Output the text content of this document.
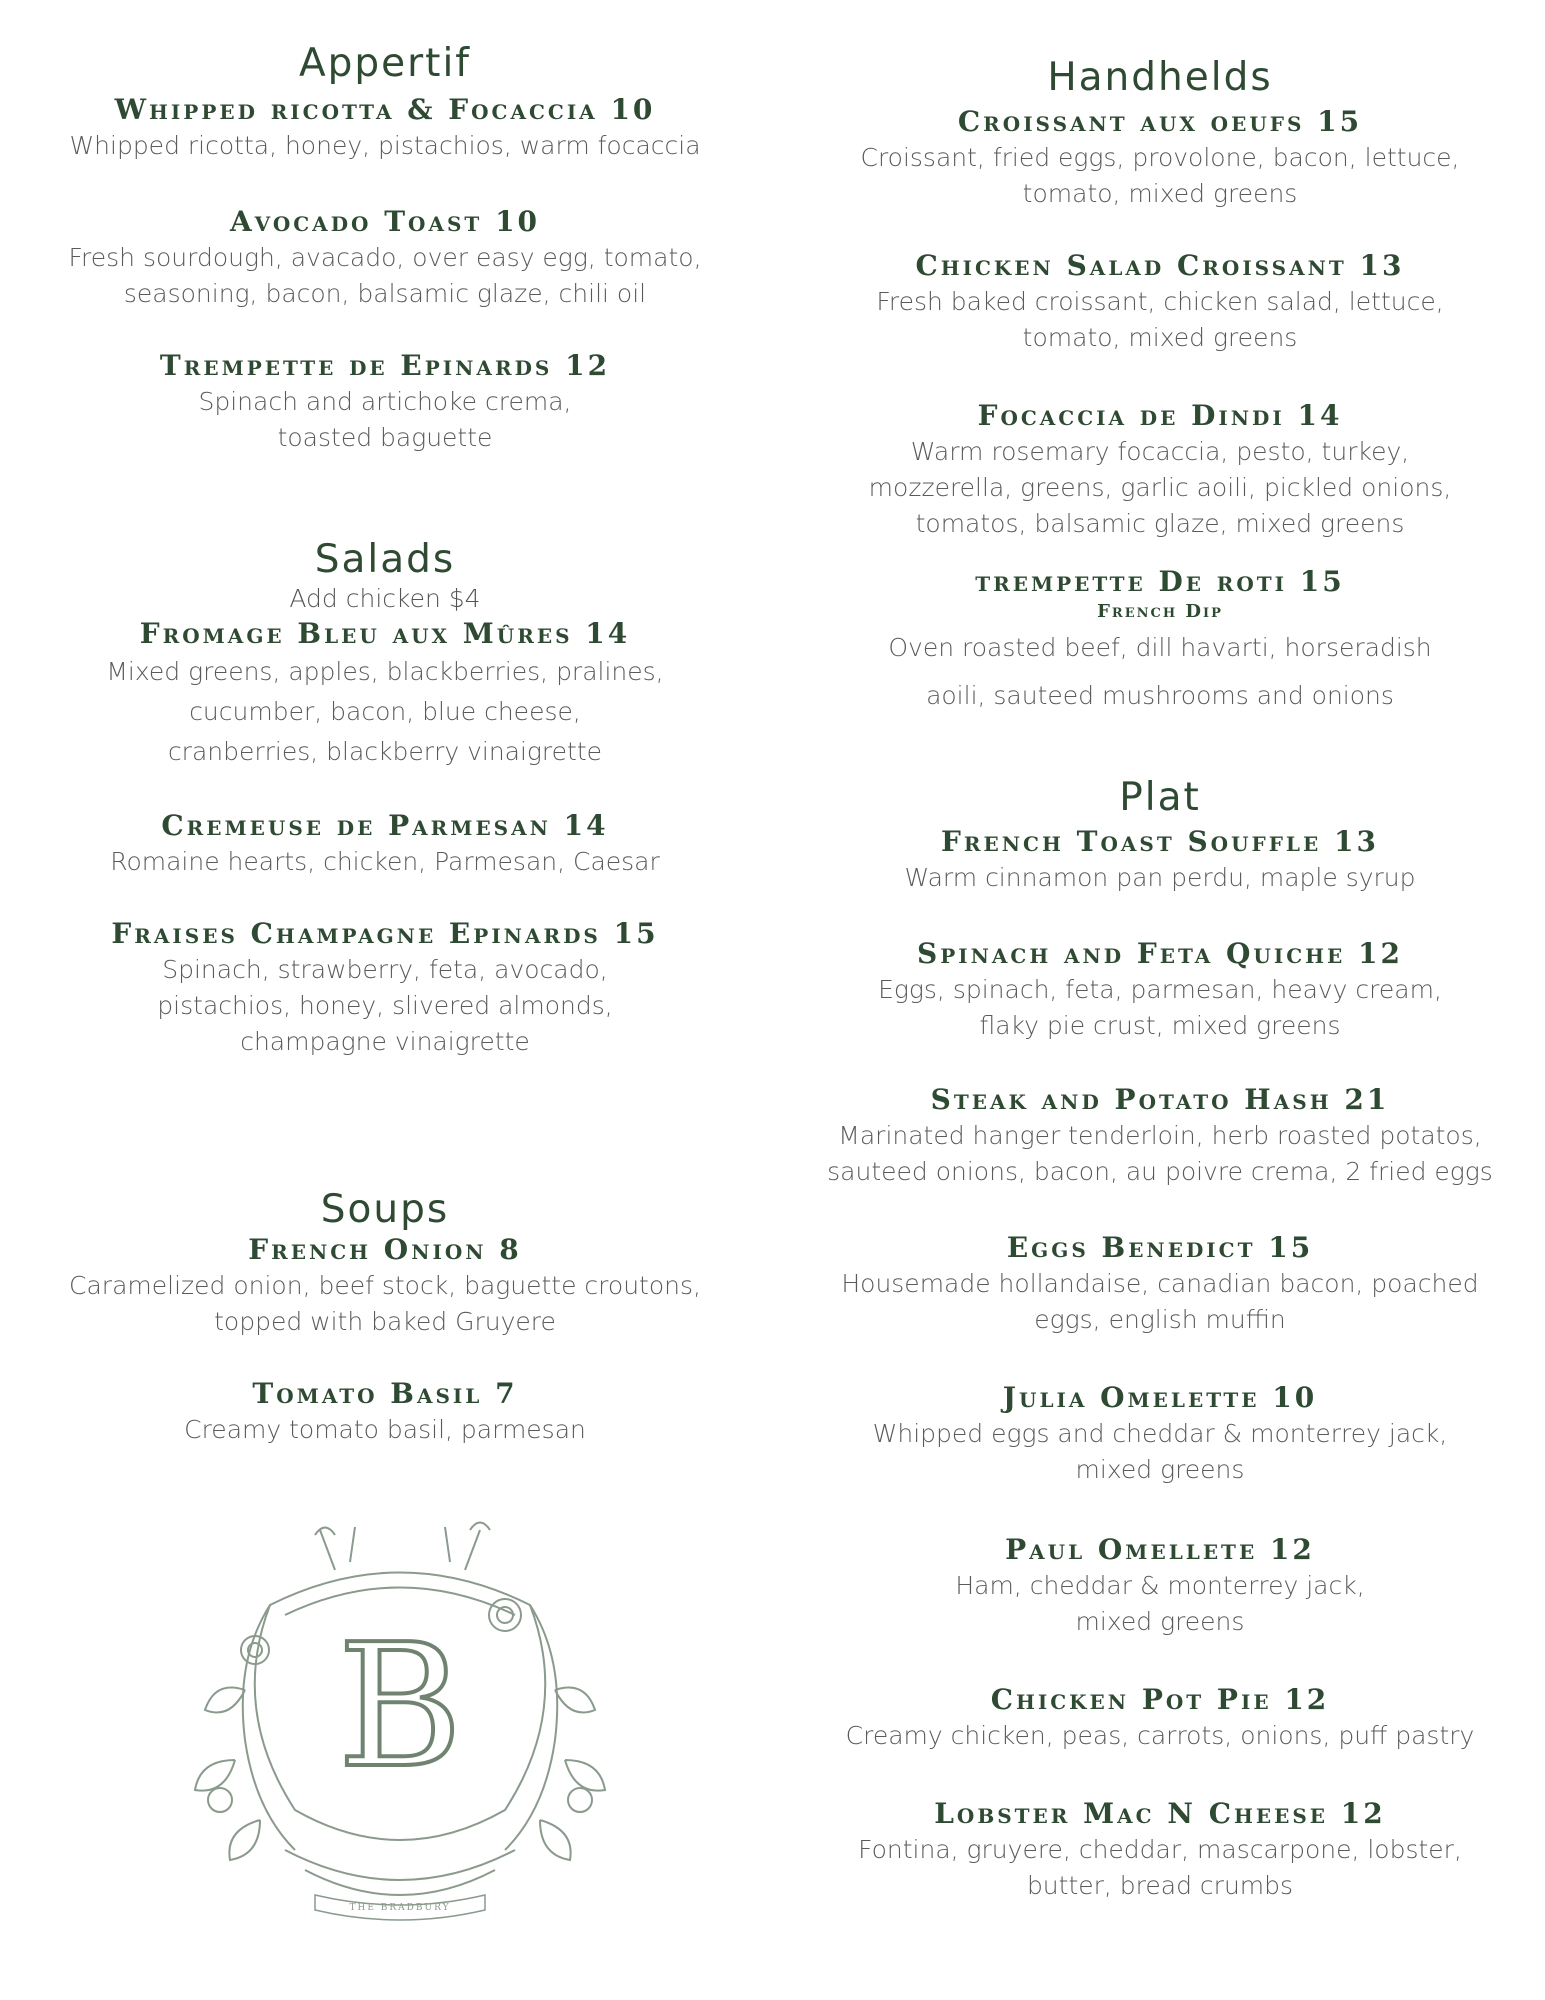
Appertif
Whipped ricotta & Focaccia 10
Whipped ricotta, honey, pistachios, warm focaccia
Avocado Toast 10
Fresh sourdough, avacado, over easy egg, tomato,
seasoning, bacon, balsamic glaze, chili oil
Trempette de Epinards 12
Spinach and artichoke crema,
toasted baguette
Salads
Add chicken $4
Fromage Bleu aux Mûres 14
Mixed greens, apples, blackberries, pralines,
cucumber, bacon, blue cheese,
cranberries, blackberry vinaigrette
Cremeuse de Parmesan 14
Romaine hearts, chicken, Parmesan, Caesar
Fraises Champagne Epinards 15
Spinach, strawberry, feta, avocado,
pistachios, honey, slivered almonds,
champagne vinaigrette
Soups
French Onion 8
Caramelized onion, beef stock, baguette croutons,
topped with baked Gruyere
Tomato Basil 7
Creamy tomato basil, parmesan
B
THE BRADBURY
Handhelds
Croissant aux oeufs 15
Croissant, fried eggs, provolone, bacon, lettuce,
tomato, mixed greens
Chicken Salad Croissant 13
Fresh baked croissant, chicken salad, lettuce,
tomato, mixed greens
Focaccia de Dindi 14
Warm rosemary focaccia, pesto, turkey,
mozzerella, greens, garlic aoili, pickled onions,
tomatos, balsamic glaze, mixed greens
trempette De roti 15
French Dip
Oven roasted beef, dill havarti, horseradish
aoili, sauteed mushrooms and onions
Plat
French Toast Souffle 13
Warm cinnamon pan perdu, maple syrup
Spinach and Feta Quiche 12
Eggs, spinach, feta, parmesan, heavy cream,
flaky pie crust, mixed greens
Steak and Potato Hash 21
Marinated hanger tenderloin, herb roasted potatos,
sauteed onions, bacon, au poivre crema, 2 fried eggs
Eggs Benedict 15
Housemade hollandaise, canadian bacon, poached
eggs, english muffin
Julia Omelette 10
Whipped eggs and cheddar & monterrey jack,
mixed greens
Paul Omellete 12
Ham, cheddar & monterrey jack,
mixed greens
Chicken Pot Pie 12
Creamy chicken, peas, carrots, onions, puff pastry
Lobster Mac N Cheese 12
Fontina, gruyere, cheddar, mascarpone, lobster,
butter, bread crumbs
